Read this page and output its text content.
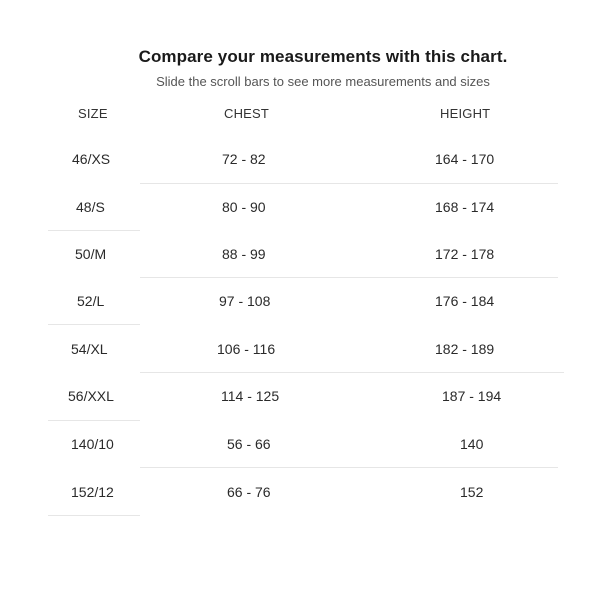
Compare your measurements with this chart.
Slide the scroll bars to see more measurements and sizes
SIZE	CHEST	HEIGHT
46/XS	72 - 82	164 - 170
48/S	80 - 90	168 - 174
50/M	88 - 99	172 - 178
52/L	97 - 108	176 - 184
54/XL	106 - 116	182 - 189
56/XXL	114 - 125	187 - 194
140/10	56 - 66	140
152/12	66 - 76	152
